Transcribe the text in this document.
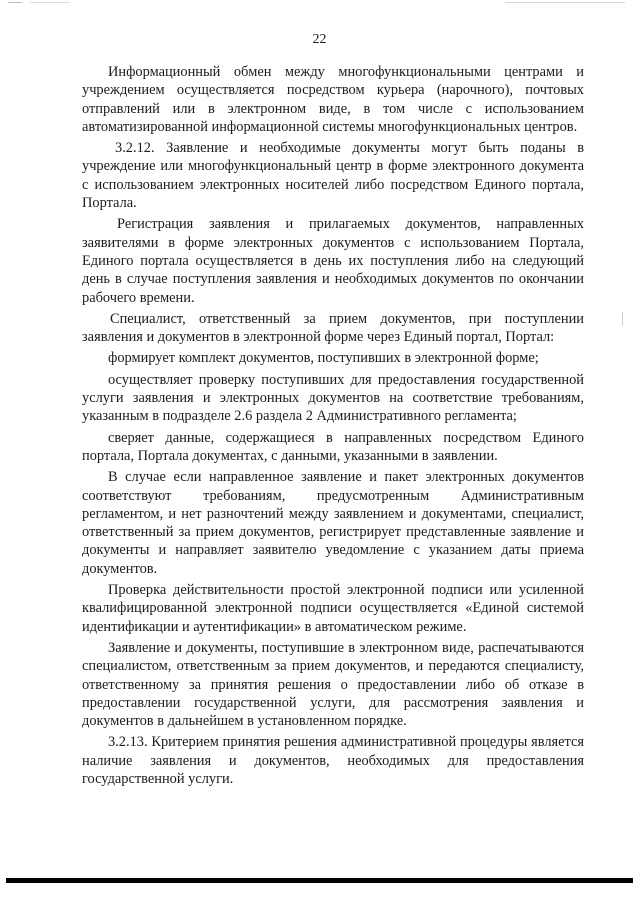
22

Информационный обмен между многофункциональными центрами и учреждением осуществляется посредством курьера (нарочного), почтовых отправлений или в электронном виде, в том числе с использованием автоматизированной информационной системы многофункциональных центров.

3.2.12. Заявление и необходимые документы могут быть поданы в учреждение или многофункциональный центр в форме электронного документа с использованием электронных носителей либо посредством Единого портала, Портала.

Регистрация заявления и прилагаемых документов, направленных заявителями в форме электронных документов с использованием Портала, Единого портала осуществляется в день их поступления либо на следующий день в случае поступления заявления и необходимых документов по окончании рабочего времени.

Специалист, ответственный за прием документов, при поступлении заявления и документов в электронной форме через Единый портал, Портал:

формирует комплект документов, поступивших в электронной форме;

осуществляет проверку поступивших для предоставления государственной услуги заявления и электронных документов на соответствие требованиям, указанным в подразделе 2.6 раздела 2 Административного регламента;

сверяет данные, содержащиеся в направленных посредством Единого портала, Портала документах, с данными, указанными в заявлении.

В случае если направленное заявление и пакет электронных документов соответствуют требованиям, предусмотренным Административным регламентом, и нет разночтений между заявлением и документами, специалист, ответственный за прием документов, регистрирует представленные заявление и документы и направляет заявителю уведомление с указанием даты приема документов.

Проверка действительности простой электронной подписи или усиленной квалифицированной электронной подписи осуществляется «Единой системой идентификации и аутентификации» в автоматическом режиме.

Заявление и документы, поступившие в электронном виде, распечатываются специалистом, ответственным за прием документов, и передаются специалисту, ответственному за принятия решения о предоставлении либо об отказе в предоставлении государственной услуги, для рассмотрения заявления и документов в дальнейшем в установленном порядке.

3.2.13. Критерием принятия решения административной процедуры является наличие заявления и документов, необходимых для предоставления государственной услуги.
